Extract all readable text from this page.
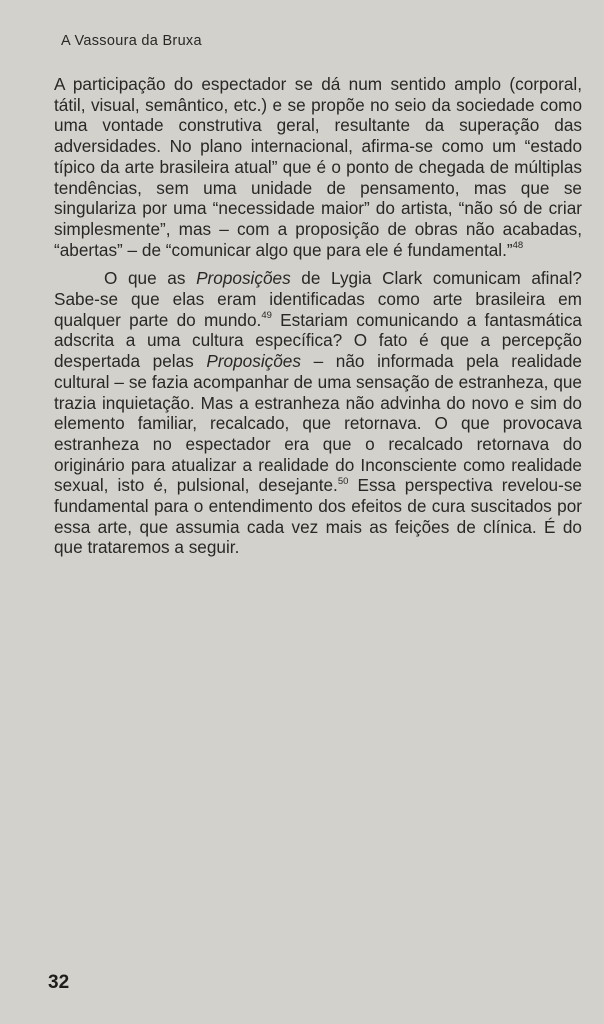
A Vassoura da Bruxa

A participação do espectador se dá num sentido amplo (corporal, tátil, visual, semântico, etc.) e se propõe no seio da sociedade como uma vontade construtiva geral, resultante da superação das adversidades. No plano internacional, afirma-se como um “estado típico da arte brasileira atual” que é o ponto de chegada de múltiplas tendências, sem uma unidade de pensamento, mas que se singulariza por uma “necessidade maior” do artista, “não só de criar simplesmente”, mas – com a proposição de obras não acabadas, “abertas” – de “comunicar algo que para ele é fundamental.”$^{48}$

O que as Proposições de Lygia Clark comunicam afinal? Sabe-se que elas eram identificadas como arte brasileira em qualquer parte do mundo.$^{49}$ Estariam comunicando a fantasmática adscrita a uma cultura específica? O fato é que a percepção despertada pelas Proposições – não informada pela realidade cultural – se fazia acompanhar de uma sensação de estranheza, que trazia inquietação. Mas a estranheza não advinha do novo e sim do elemento familiar, recalcado, que retornava. O que provocava estranheza no espectador era que o recalcado retornava do originário para atualizar a realidade do Inconsciente como realidade sexual, isto é, pulsional, desejante.$^{50}$ Essa perspectiva revelou-se fundamental para o entendimento dos efeitos de cura suscitados por essa arte, que assumia cada vez mais as feições de clínica. É do que trataremos a seguir.

32
